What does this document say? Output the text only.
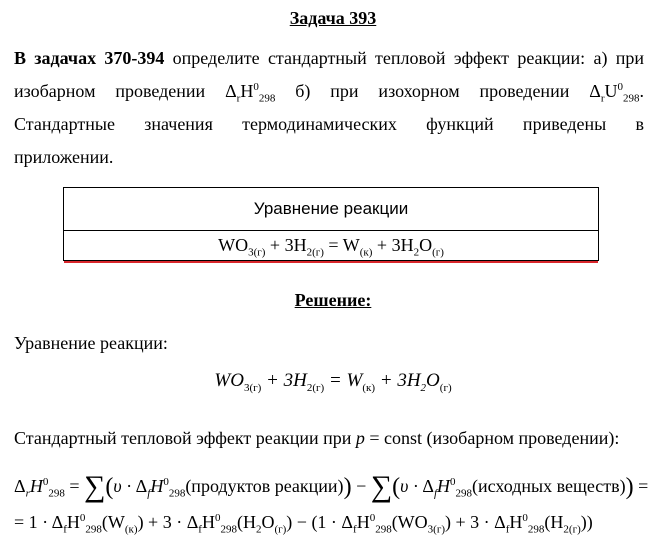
Задача 393
В задачах 370-394 определите стандартный тепловой эффект реакции: а) при
изобарном проведении $\Delta_rH^0_{298}$ б) при изохорном проведении $\Delta_rU^0_{298}$.
Стандартные значения термодинамических функций приведены в
приложении.
Уравнение реакции
$WO_{3(г)} + 3H_{2(г)} = W_{(к)} + 3H_2O_{(г)}$
Решение:
Уравнение реакции:
$WO_{3(г)} + 3H_{2(г)} = W_{(к)} + 3H_2O_{(г)}$
Стандартный тепловой эффект реакции при p = const (изобарном проведении):
$\Delta_rH^0_{298} = \sum(\upsilon$ · $\Delta_fH^0_{298}(продуктов$ реакции)) − $\sum(\upsilon \cdot \Delta_fH^0_{298}(исходных$ веществ)) =
= $1 \cdot \Delta_fH^0_{298}(W_{(к)}) + 3 \cdot \Delta_fH^0_{298}(H_2O_{(г)}) - (1 \cdot \Delta_fH^0_{298}(WO_{3(г)}) + 3 \cdot \Delta_fH^0_{298}(H_{2(г)}))$
